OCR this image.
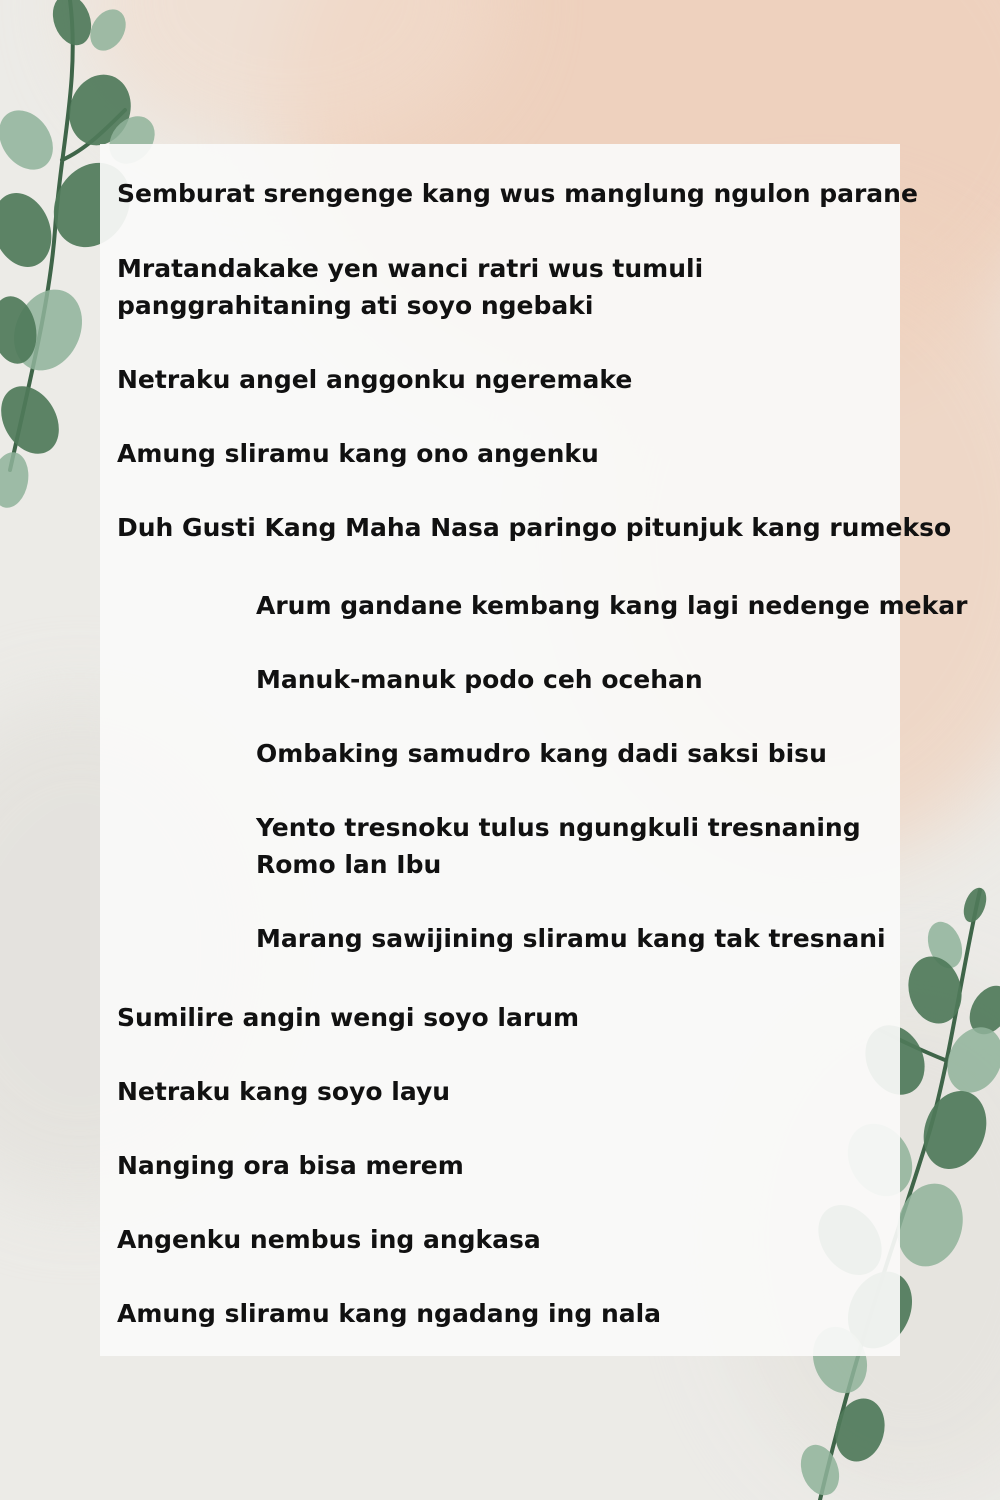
Semburat srengenge kang wus manglung ngulon parane

Mratandakake yen wanci ratri wus tumuli panggrahitaning ati soyo ngebaki

Netraku angel anggonku ngeremake

Amung sliramu kang ono angenku

Duh Gusti Kang Maha Nasa paringo pitunjuk kang rumekso

Arum gandane kembang kang lagi nedenge mekar

Manuk-manuk podo ceh ocehan

Ombaking samudro kang dadi saksi bisu

Yento tresnoku tulus ngungkuli tresnaning Romo lan Ibu

Marang sawijining sliramu kang tak tresnani

Sumilire angin wengi soyo larum

Netraku kang soyo layu

Nanging ora bisa merem

Angenku nembus ing angkasa

Amung sliramu kang ngadang ing nala
